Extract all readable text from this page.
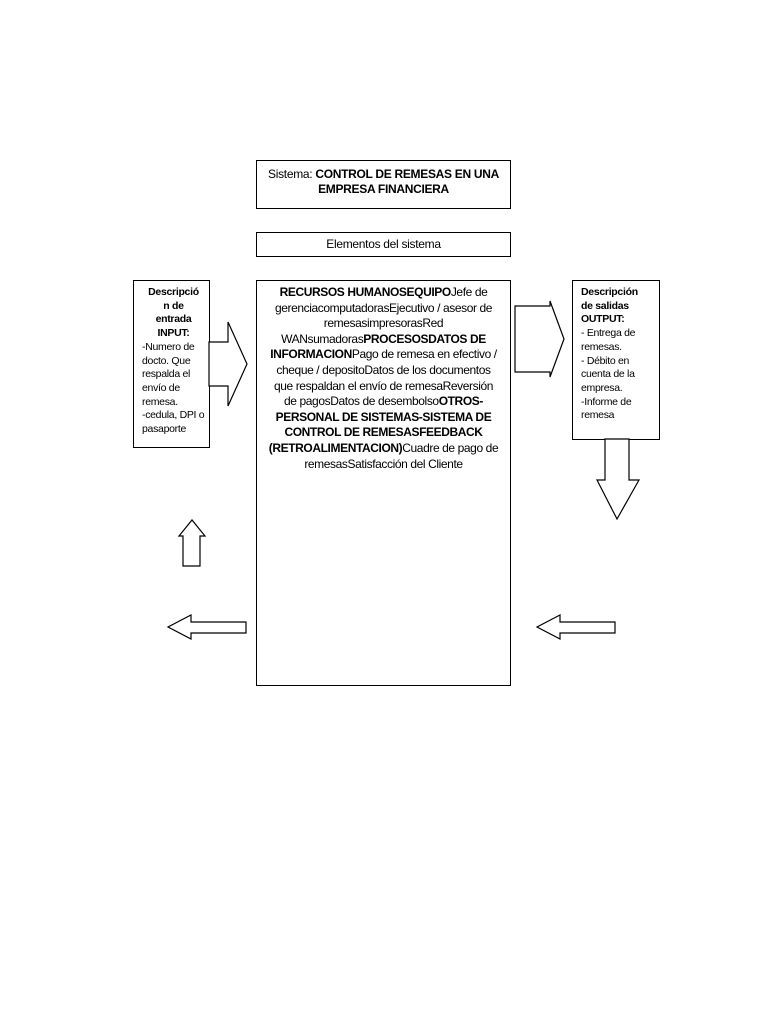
Sistema: CONTROL DE REMESAS EN UNA EMPRESA FINANCIERA
Elementos del sistema
Descripció
n de
entrada
INPUT:
-Numero de docto. Que respalda el envío de remesa.
-cedula, DPI o pasaporte
RECURSOS HUMANOSEQUIPOJefe de gerenciacomputadorasEjecutivo / asesor de remesasimpresorasRed WANsumadorasPROCESOSDATOS DE INFORMACIONPago de remesa en efectivo / cheque / depositoDatos de los documentos que respaldan el envío de remesaReversión de pagosDatos de desembolsoOTROS-PERSONAL DE SISTEMAS-SISTEMA DE CONTROL DE REMESASFEEDBACK (RETROALIMENTACION)Cuadre de pago de remesasSatisfacción del Cliente
Descripción
de salidas
OUTPUT:
- Entrega de remesas.
- Débito en cuenta de la empresa.
-Informe de remesa
